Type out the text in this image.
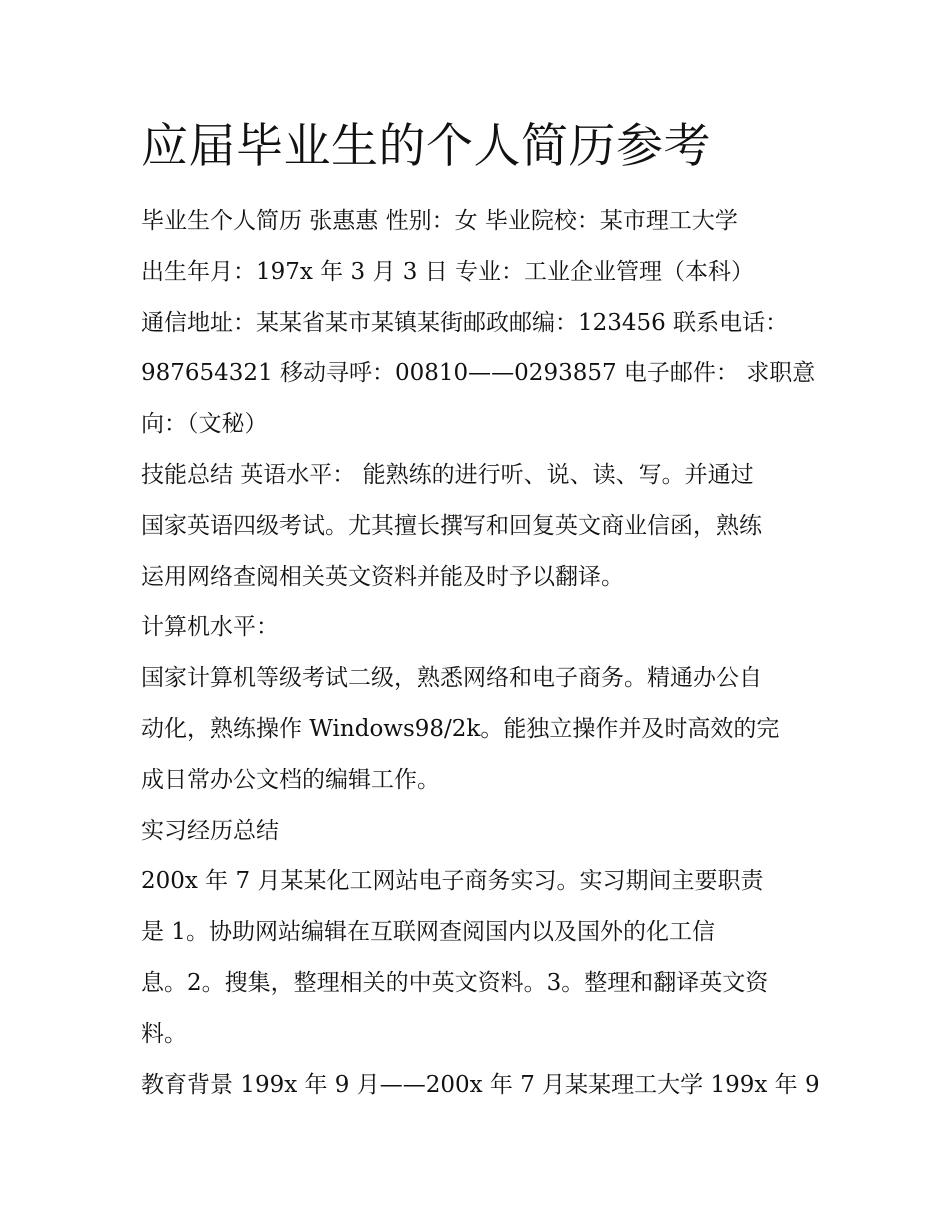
应届毕业生的个人简历参考

毕业生个人简历 张惠惠 性别：女 毕业院校：某市理工大学

出生年月：197x 年 3 月 3 日 专业：工业企业管理（本科）

通信地址：某某省某市某镇某街邮政邮编：123456 联系电话：

987654321 移动寻呼：00810——0293857 电子邮件： 求职意

向：（文秘）

技能总结 英语水平： 能熟练的进行听、说、读、写。并通过

国家英语四级考试。尤其擅长撰写和回复英文商业信函，熟练

运用网络查阅相关英文资料并能及时予以翻译。

计算机水平：

国家计算机等级考试二级，熟悉网络和电子商务。精通办公自

动化，熟练操作 Windows98/2k。能独立操作并及时高效的完

成日常办公文档的编辑工作。

实习经历总结

200x 年 7 月某某化工网站电子商务实习。实习期间主要职责

是 1。协助网站编辑在互联网查阅国内以及国外的化工信

息。2。搜集，整理相关的中英文资料。3。整理和翻译英文资

料。

教育背景 199x 年 9 月——200x 年 7 月某某理工大学 199x 年 9
